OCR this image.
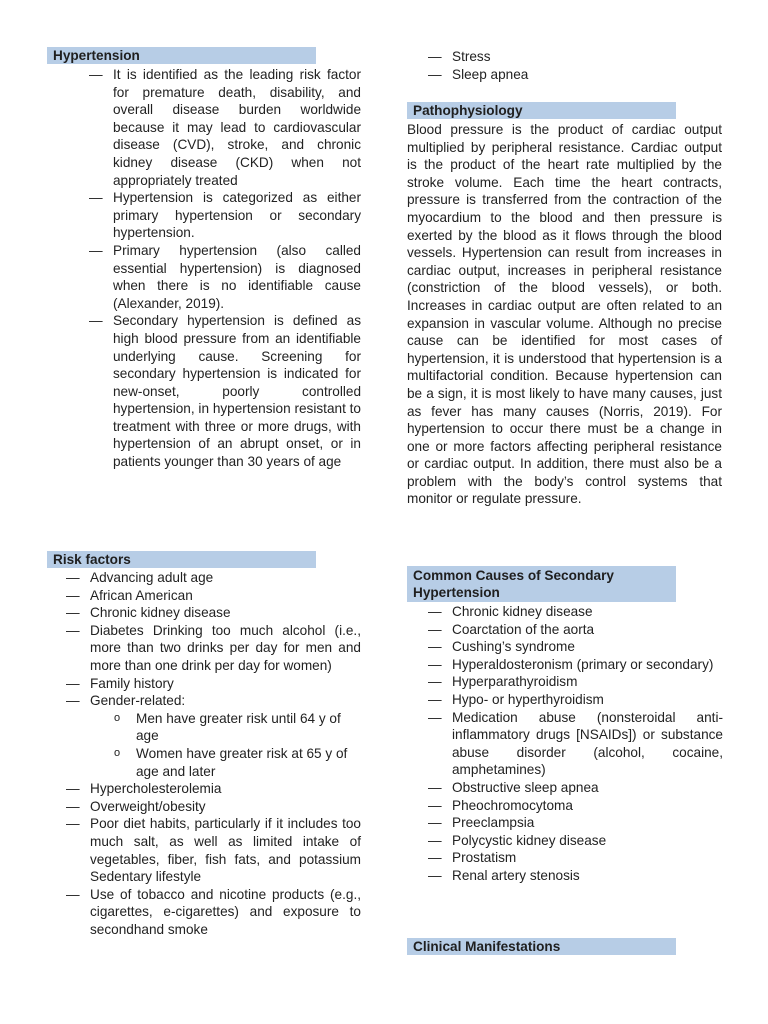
Hypertension
— It is identified as the leading risk factor for premature death, disability, and overall disease burden worldwide because it may lead to cardiovascular disease (CVD), stroke, and chronic kidney disease (CKD) when not appropriately treated
— Hypertension is categorized as either primary hypertension or secondary hypertension.
— Primary hypertension (also called essential hypertension) is diagnosed when there is no identifiable cause (Alexander, 2019).
— Secondary hypertension is defined as high blood pressure from an identifiable underlying cause. Screening for secondary hypertension is indicated for new-onset, poorly controlled hypertension, in hypertension resistant to treatment with three or more drugs, with hypertension of an abrupt onset, or in patients younger than 30 years of age
Risk factors
— Advancing adult age
— African American
— Chronic kidney disease
— Diabetes Drinking too much alcohol (i.e., more than two drinks per day for men and more than one drink per day for women)
— Family history
— Gender-related:
o Men have greater risk until 64 y of age
o Women have greater risk at 65 y of age and later
— Hypercholesterolemia
— Overweight/obesity
— Poor diet habits, particularly if it includes too much salt, as well as limited intake of vegetables, fiber, fish fats, and potassium Sedentary lifestyle
— Use of tobacco and nicotine products (e.g., cigarettes, e-cigarettes) and exposure to secondhand smoke
— Stress
— Sleep apnea
Pathophysiology
Blood pressure is the product of cardiac output multiplied by peripheral resistance. Cardiac output is the product of the heart rate multiplied by the stroke volume. Each time the heart contracts, pressure is transferred from the contraction of the myocardium to the blood and then pressure is exerted by the blood as it flows through the blood vessels. Hypertension can result from increases in cardiac output, increases in peripheral resistance (constriction of the blood vessels), or both. Increases in cardiac output are often related to an expansion in vascular volume. Although no precise cause can be identified for most cases of hypertension, it is understood that hypertension is a multifactorial condition. Because hypertension can be a sign, it is most likely to have many causes, just as fever has many causes (Norris, 2019). For hypertension to occur there must be a change in one or more factors affecting peripheral resistance or cardiac output. In addition, there must also be a problem with the body’s control systems that monitor or regulate pressure.
Common Causes of Secondary Hypertension
— Chronic kidney disease
— Coarctation of the aorta
— Cushing’s syndrome
— Hyperaldosteronism (primary or secondary)
— Hyperparathyroidism
— Hypo- or hyperthyroidism
— Medication abuse (nonsteroidal anti-inflammatory drugs [NSAIDs]) or substance abuse disorder (alcohol, cocaine, amphetamines)
— Obstructive sleep apnea
— Pheochromocytoma
— Preeclampsia
— Polycystic kidney disease
— Prostatism
— Renal artery stenosis
Clinical Manifestations
